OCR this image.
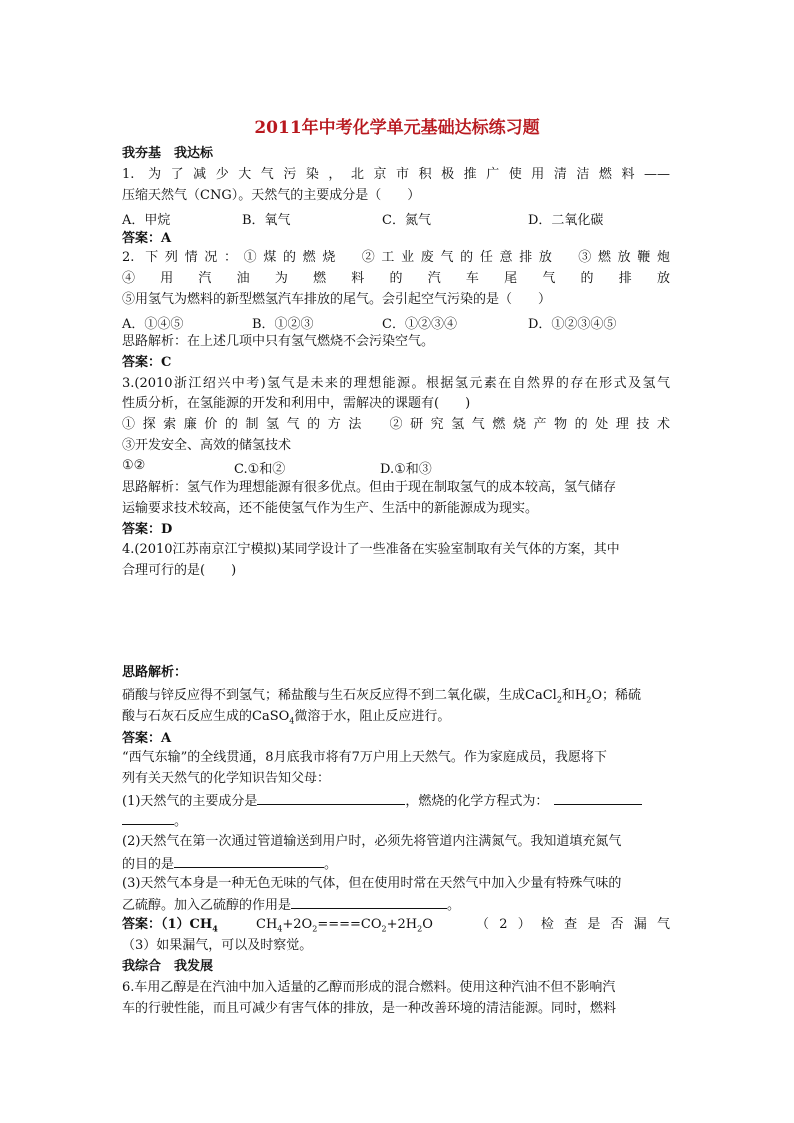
2011年中考化学单元基础达标练习题
我夯基　我达标
1. 为了减少大气污染，北京市积极推广使用清洁燃料——
压缩天然气（CNG）。天然气的主要成分是（　　）
A．甲烷	B．氧气	C．氮气	D．二氧化碳
答案：A
2. 下列情况：①煤的燃烧　②工业废气的任意排放　③燃放鞭炮
④用汽油为燃料的汽车尾气的排放
⑤用氢气为燃料的新型燃氢汽车排放的尾气。会引起空气污染的是（　　）
A．①④⑤	B．①②③	C．①②③④	D．①②③④⑤
思路解析：在上述几项中只有氢气燃烧不会污染空气。
答案：C
3.(2010浙江绍兴中考)氢气是未来的理想能源。根据氢元素在自然界的存在形式及氢气
性质分析，在氢能源的开发和利用中，需解决的课题有(　　)
①探索廉价的制氢气的方法　②研究氢气燃烧产物的处理技术
③开发安全、高效的储氢技术
①②	C.①和②	D.①和③
思路解析：氢气作为理想能源有很多优点。但由于现在制取氢气的成本较高，氢气储存
运输要求技术较高，还不能使氢气作为生产、生活中的新能源成为现实。
答案：D
4.(2010江苏南京江宁模拟)某同学设计了一些准备在实验室制取有关气体的方案，其中
合理可行的是(　　)
思路解析：
硝酸与锌反应得不到氢气；稀盐酸与生石灰反应得不到二氧化碳，生成CaCl$_2$和$H_2O$；稀硫
酸与石灰石反应生成的CaSO$_4$微溶于水，阻止反应进行。
答案：A
“西气东输”的全线贯通，8月底我市将有7万户用上天然气。作为家庭成员，我愿将下
列有关天然气的化学知识告知父母：
(1)天然气的主要成分是	，燃烧的化学方程式为：
。
(2)天然气在第一次通过管道输送到用户时，必须先将管道内注满氮气。我知道填充氮气
的目的是	。
(3)天然气本身是一种无色无味的气体，但在使用时常在天然气中加入少量有特殊气味的
乙硫醇。加入乙硫醇的作用是	。
答案：$(1)CH_4$	$CH_4+2O_2====CO_2+2H_2O$	（2）检查是否漏气
（3）如果漏气，可以及时察觉。
我综合　我发展
6.车用乙醇是在汽油中加入适量的乙醇而形成的混合燃料。使用这种汽油不但不影响汽
车的行驶性能，而且可减少有害气体的排放，是一种改善环境的清洁能源。同时，燃料
